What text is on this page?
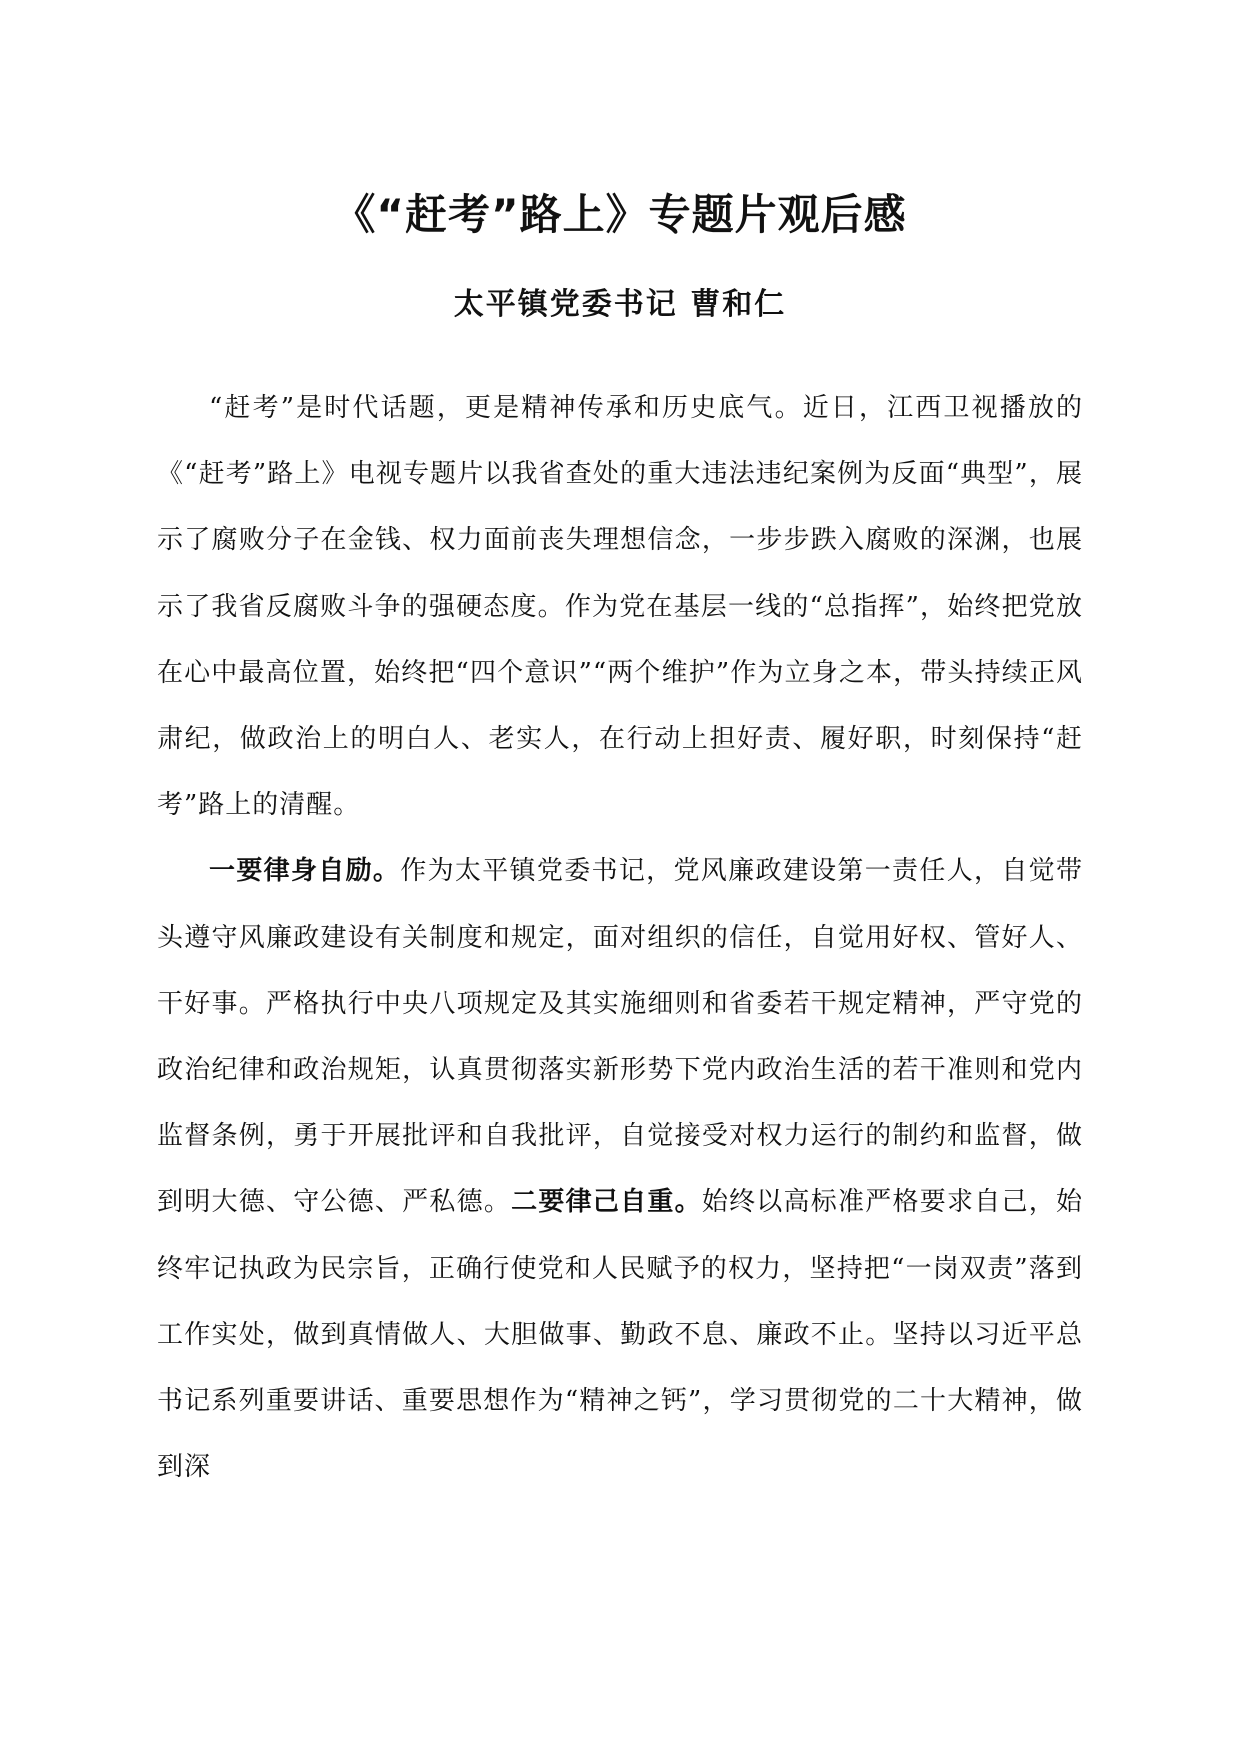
《“赶考”路上》专题片观后感
太平镇党委书记 曹和仁

“赶考”是时代话题，更是精神传承和历史底气。近日，江西卫视播放的《“赶考”路上》电视专题片以我省查处的重大违法违纪案例为反面“典型”，展示了腐败分子在金钱、权力面前丧失理想信念，一步步跌入腐败的深渊，也展示了我省反腐败斗争的强硬态度。作为党在基层一线的“总指挥”，始终把党放在心中最高位置，始终把“四个意识”“两个维护”作为立身之本，带头持续正风肃纪，做政治上的明白人、老实人，在行动上担好责、履好职，时刻保持“赶考”路上的清醒。

一要律身自励。作为太平镇党委书记，党风廉政建设第一责任人，自觉带头遵守风廉政建设有关制度和规定，面对组织的信任，自觉用好权、管好人、干好事。严格执行中央八项规定及其实施细则和省委若干规定精神，严守党的政治纪律和政治规矩，认真贯彻落实新形势下党内政治生活的若干准则和党内监督条例，勇于开展批评和自我批评，自觉接受对权力运行的制约和监督，做到明大德、守公德、严私德。二要律己自重。始终以高标准严格要求自己，始终牢记执政为民宗旨，正确行使党和人民赋予的权力，坚持把“一岗双责”落到工作实处，做到真情做人、大胆做事、勤政不息、廉政不止。坚持以习近平总书记系列重要讲话、重要思想作为“精神之钙”，学习贯彻党的二十大精神，做到深
